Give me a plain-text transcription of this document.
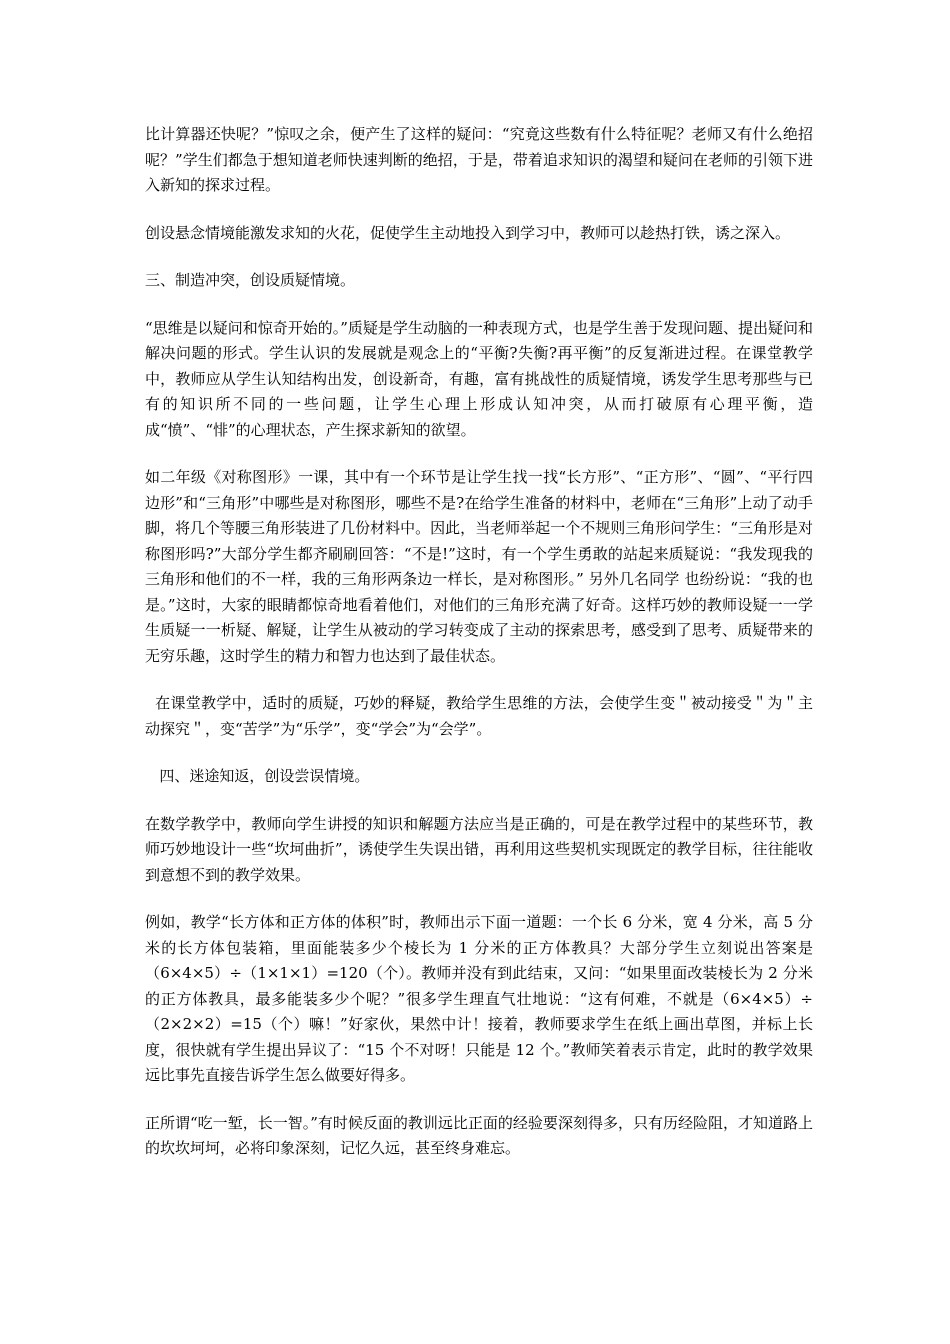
比计算器还快呢？”惊叹之余，便产生了这样的疑问：“究竟这些数有什么特征呢？老师又有什么绝招呢？”学生们都急于想知道老师快速判断的绝招，于是，带着追求知识的渴望和疑问在老师的引领下进入新知的探求过程。

创设悬念情境能激发求知的火花，促使学生主动地投入到学习中，教师可以趁热打铁，诱之深入。

三、制造冲突，创设质疑情境。

“思维是以疑问和惊奇开始的。”质疑是学生动脑的一种表现方式，也是学生善于发现问题、提出疑问和解决问题的形式。学生认识的发展就是观念上的“平衡?失衡?再平衡”的反复渐进过程。在课堂教学中，教师应从学生认知结构出发，创设新奇，有趣，富有挑战性的质疑情境，诱发学生思考那些与已有的知识所不同的一些问题，让学生心理上形成认知冲突，从而打破原有心理平衡，造成“愤”、“悱”的心理状态，产生探求新知的欲望。

如二年级《对称图形》一课，其中有一个环节是让学生找一找“长方形”、“正方形”、“圆”、“平行四边形”和“三角形”中哪些是对称图形，哪些不是?在给学生准备的材料中，老师在“三角形”上动了动手脚，将几个等腰三角形装进了几份材料中。因此，当老师举起一个不规则三角形问学生：“三角形是对称图形吗?”大部分学生都齐刷刷回答：“不是!”这时，有一个学生勇敢的站起来质疑说：“我发现我的三角形和他们的不一样，我的三角形两条边一样长，是对称图形。” 另外几名同学 也纷纷说：“我的也是。”这时，大家的眼睛都惊奇地看着他们，对他们的三角形充满了好奇。这样巧妙的教师设疑一一学生质疑一一析疑、解疑，让学生从被动的学习转变成了主动的探索思考，感受到了思考、质疑带来的无穷乐趣，这时学生的精力和智力也达到了最佳状态。

在课堂教学中，适时的质疑，巧妙的释疑，教给学生思维的方法，会使学生变＂被动接受＂为＂主动探究＂，变“苦学”为“乐学”，变“学会”为“会学”。

四、迷途知返，创设尝误情境。

在数学教学中，教师向学生讲授的知识和解题方法应当是正确的，可是在教学过程中的某些环节，教师巧妙地设计一些“坎坷曲折”，诱使学生失误出错，再利用这些契机实现既定的教学目标，往往能收到意想不到的教学效果。

例如，教学“长方体和正方体的体积”时，教师出示下面一道题：一个长 6 分米，宽 4 分米，高 5 分米的长方体包装箱，里面能装多少个棱长为 1 分米的正方体教具？大部分学生立刻说出答案是（6×4×5）÷（1×1×1）=120（个）。教师并没有到此结束，又问：“如果里面改装棱长为 2 分米的正方体教具，最多能装多少个呢？”很多学生理直气壮地说：“这有何难，不就是（6×4×5）÷（2×2×2）=15（个）嘛！”好家伙，果然中计！接着，教师要求学生在纸上画出草图，并标上长度，很快就有学生提出异议了：“15 个不对呀！只能是 12 个。”教师笑着表示肯定，此时的教学效果远比事先直接告诉学生怎么做要好得多。

正所谓“吃一堑，长一智。”有时候反面的教训远比正面的经验要深刻得多，只有历经险阻，才知道路上的坎坎坷坷，必将印象深刻，记忆久远，甚至终身难忘。
